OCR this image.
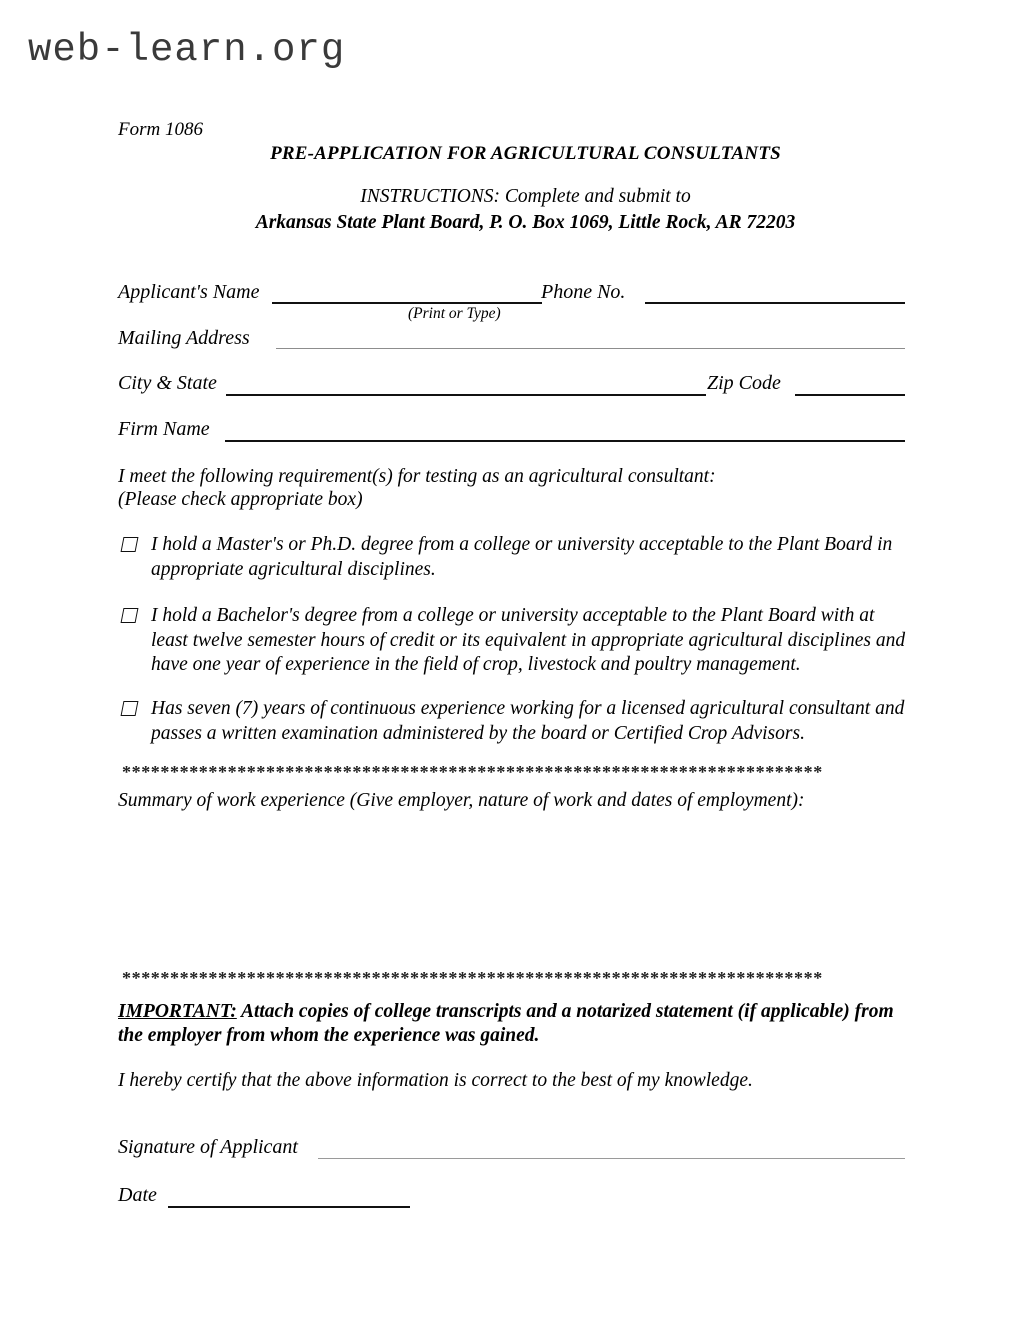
web-learn.org
Form 1086
PRE-APPLICATION FOR AGRICULTURAL CONSULTANTS
INSTRUCTIONS: Complete and submit to
Arkansas State Plant Board, P. O. Box 1069, Little Rock, AR 72203
Applicant's Name	Phone No.
(Print or Type)
Mailing Address
City & State	Zip Code
Firm Name
I meet the following requirement(s) for testing as an agricultural consultant:
(Please check appropriate box)
I hold a Master's or Ph.D. degree from a college or university acceptable to the Plant Board in appropriate agricultural disciplines.
I hold a Bachelor's degree from a college or university acceptable to the Plant Board with at least twelve semester hours of credit or its equivalent in appropriate agricultural disciplines and have one year of experience in the field of crop, livestock and poultry management.
Has seven (7) years of continuous experience working for a licensed agricultural consultant and passes a written examination administered by the board or Certified Crop Advisors.
*************************************************************************
Summary of work experience (Give employer, nature of work and dates of employment):
*************************************************************************
IMPORTANT: Attach copies of college transcripts and a notarized statement (if applicable) from the employer from whom the experience was gained.
I hereby certify that the above information is correct to the best of my knowledge.
Signature of Applicant
Date
